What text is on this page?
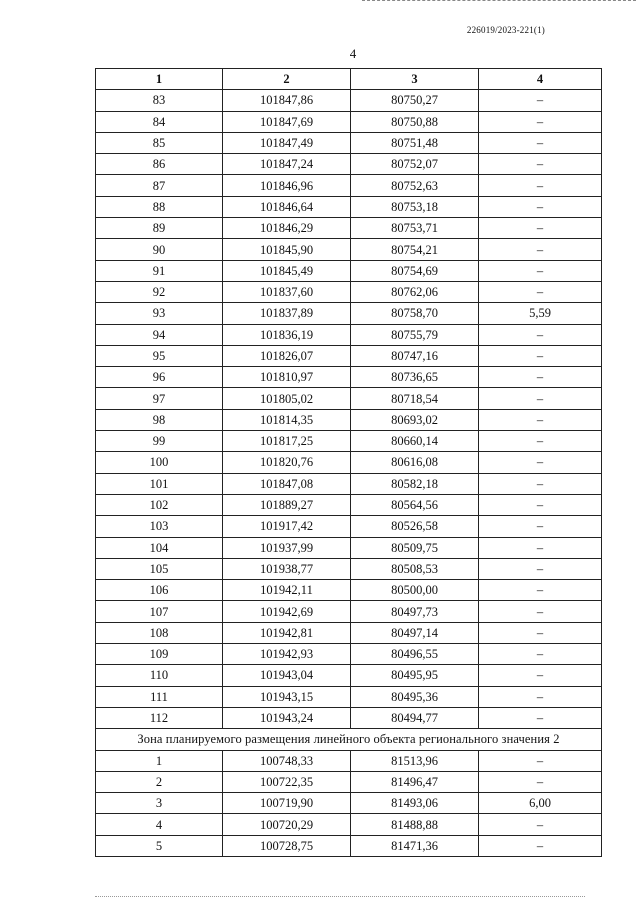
226019/2023-221(1)
4
1	2	3	4
83	101847,86	80750,27	–
84	101847,69	80750,88	–
85	101847,49	80751,48	–
86	101847,24	80752,07	–
87	101846,96	80752,63	–
88	101846,64	80753,18	–
89	101846,29	80753,71	–
90	101845,90	80754,21	–
91	101845,49	80754,69	–
92	101837,60	80762,06	–
93	101837,89	80758,70	5,59
94	101836,19	80755,79	–
95	101826,07	80747,16	–
96	101810,97	80736,65	–
97	101805,02	80718,54	–
98	101814,35	80693,02	–
99	101817,25	80660,14	–
100	101820,76	80616,08	–
101	101847,08	80582,18	–
102	101889,27	80564,56	–
103	101917,42	80526,58	–
104	101937,99	80509,75	–
105	101938,77	80508,53	–
106	101942,11	80500,00	–
107	101942,69	80497,73	–
108	101942,81	80497,14	–
109	101942,93	80496,55	–
110	101943,04	80495,95	–
111	101943,15	80495,36	–
112	101943,24	80494,77	–
Зона планируемого размещения линейного объекта регионального значения 2			
1	100748,33	81513,96	–
2	100722,35	81496,47	–
3	100719,90	81493,06	6,00
4	100720,29	81488,88	–
5	100728,75	81471,36	–
